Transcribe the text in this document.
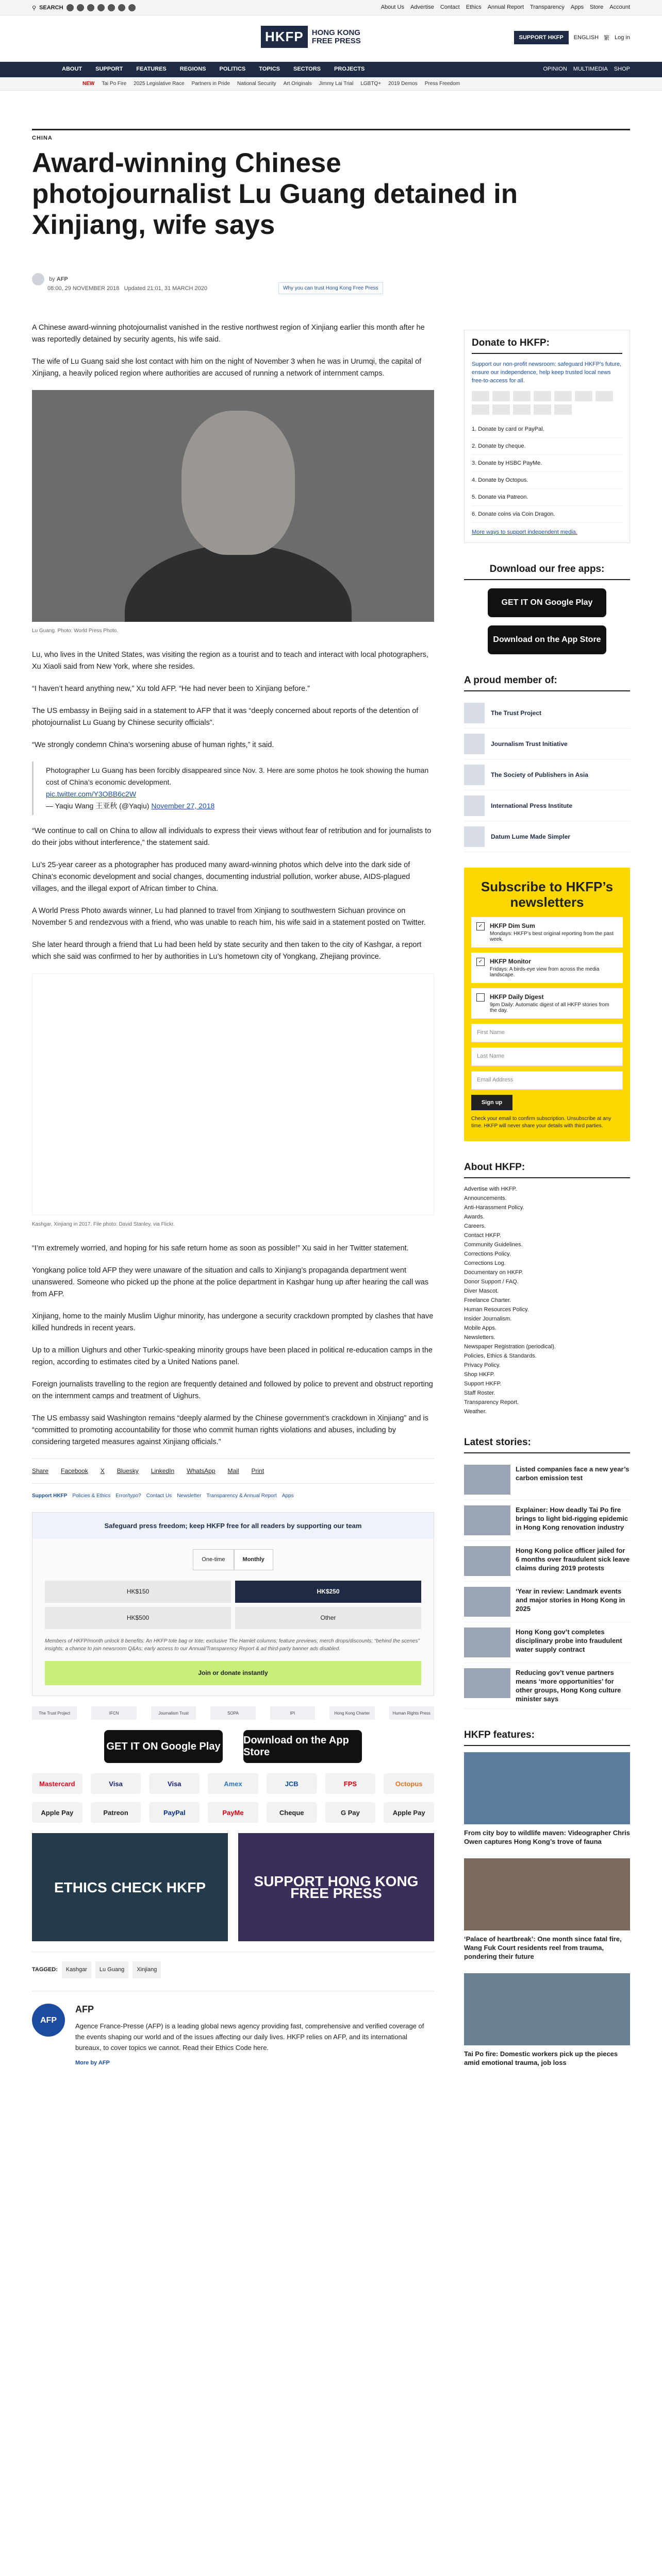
⚲ SEARCH	About Us Advertise Contact Ethics Annual Report Transparency Apps Store Account
HKFP	HONG KONG
FREE PRESS	SUPPORT HKFP	ENGLISH 繁 Log in
ABOUT SUPPORT FEATURES REGIONS POLITICS TOPICS SECTORS PROJECTS	OPINION MULTIMEDIA SHOP
NEW Tai Po Fire 2025 Legislative Race Partners in Pride National Security Art Originals Jimmy Lai Trial LGBTQ+ 2019 Demos Press Freedom
CHINA
Award-winning Chinese photojournalist Lu Guang detained in Xinjiang, wife says
by AFP
08:00, 29 NOVEMBER 2018 Updated 21:01, 31 MARCH 2020	Why you can trust Hong Kong Free Press

A Chinese award-winning photojournalist vanished in the restive northwest region of Xinjiang earlier this month after he was reportedly detained by security agents, his wife said.

The wife of Lu Guang said she lost contact with him on the night of November 3 when he was in Urumqi, the capital of Xinjiang, a heavily policed region where authorities are accused of running a network of internment camps.

Lu Guang. Photo: World Press Photo.

Lu, who lives in the United States, was visiting the region as a tourist and to teach and interact with local photographers, Xu Xiaoli said from New York, where she resides.

“I haven’t heard anything new,” Xu told AFP. “He had never been to Xinjiang before.”

The US embassy in Beijing said in a statement to AFP that it was “deeply concerned about reports of the detention of photojournalist Lu Guang by Chinese security officials”.

“We strongly condemn China’s worsening abuse of human rights,” it said.

Photographer Lu Guang has been forcibly disappeared since Nov. 3. Here are some photos he took showing the human cost of China’s economic development.
pic.twitter.com/Y3OBB6c2W
— Yaqiu Wang 王亚秋 (@Yaqiu) November 27, 2018

“We continue to call on China to allow all individuals to express their views without fear of retribution and for journalists to do their jobs without interference,” the statement said.

Lu’s 25-year career as a photographer has produced many award-winning photos which delve into the dark side of China’s economic development and social changes, documenting industrial pollution, worker abuse, AIDS-plagued villages, and the illegal export of African timber to China.

A World Press Photo awards winner, Lu had planned to travel from Xinjiang to southwestern Sichuan province on November 5 and rendezvous with a friend, who was unable to reach him, his wife said in a statement posted on Twitter.

She later heard through a friend that Lu had been held by state security and then taken to the city of Kashgar, a report which she said was confirmed to her by authorities in Lu’s hometown city of Yongkang, Zhejiang province.

Kashgar, Xinjiang in 2017. File photo: David Stanley, via Flickr.

“I’m extremely worried, and hoping for his safe return home as soon as possible!” Xu said in her Twitter statement.

Yongkang police told AFP they were unaware of the situation and calls to Xinjiang’s propaganda department went unanswered. Someone who picked up the phone at the police department in Kashgar hung up after hearing the call was from AFP.

Xinjiang, home to the mainly Muslim Uighur minority, has undergone a security crackdown prompted by clashes that have killed hundreds in recent years.

Up to a million Uighurs and other Turkic-speaking minority groups have been placed in political re-education camps in the region, according to estimates cited by a United Nations panel.

Foreign journalists travelling to the region are frequently detained and followed by police to prevent and obstruct reporting on the internment camps and treatment of Uighurs.

The US embassy said Washington remains “deeply alarmed by the Chinese government’s crackdown in Xinjiang” and is “committed to promoting accountability for those who commit human rights violations and abuses, including by considering targeted measures against Xinjiang officials.”

Share Facebook X Bluesky LinkedIn WhatsApp Mail Print
Support HKFP Policies & Ethics Error/typo? Contact Us Newsletter Transparency & Annual Report Apps
Safeguard press freedom; keep HKFP free for all readers by supporting our team
One-time	Monthly
HK$150	HK$250
HK$500	Other
Members of HKFP/month unlock 8 benefits: An HKFP tote bag or tote; exclusive The Hamlet columns; feature previews; merch drops/discounts; “behind the scenes” insights; a chance to join newsroom Q&As; early access to our Annual/Transparency Report & ad third-party banner ads disabled.
Join or donate instantly
The Trust Project	IFCN	Journalism Trust	SOPA	IPI	Hong Kong Charter	Human Rights Press
GET IT ON Google Play
Download on the App Store
Mastercard	Visa	Visa	Amex	JCB	FPS	Octopus
Apple Pay	Patreon	PayPal	PayMe	Cheque	G Pay	Apple Pay
ETHICS CHECK HKFP	SUPPORT HONG KONG FREE PRESS
TAGGED:	Kashgar	Lu Guang	Xinjiang
AFP
AFP
Agence France-Presse (AFP) is a leading global news agency providing fast, comprehensive and verified coverage of the events shaping our world and of the issues affecting our daily lives. HKFP relies on AFP, and its international bureaux, to cover topics we cannot. Read their Ethics Code here.
More by AFP
Donate to HKFP:
Support our non-profit newsroom: safeguard HKFP’s future, ensure our independence, help keep trusted local news free-to-access for all.
1. Donate by card or PayPal.
2. Donate by cheque.
3. Donate by HSBC PayMe.
4. Donate by Octopus.
5. Donate via Patreon.
6. Donate coins via Coin Dragon.
More ways to support independent media.
Download our free apps:
GET IT ON Google Play
Download on the App Store
A proud member of:
The Trust Project
Journalism Trust Initiative
The Society of Publishers in Asia
International Press Institute
Datum Lume Made Simpler
Subscribe to HKFP’s newsletters
✓	HKFP Dim Sum
Mondays: HKFP’s best original reporting from the past week.
✓	HKFP Monitor
Fridays: A birds-eye view from across the media landscape.
HKFP Daily Digest
9pm Daily: Automatic digest of all HKFP stories from the day.
First Name
Last Name
Email Address
Sign up
Check your email to confirm subscription. Unsubscribe at any time. HKFP will never share your details with third parties.
About HKFP:
Advertise with HKFP.
Announcements.
Anti-Harassment Policy.
Awards.
Careers.
Contact HKFP.
Community Guidelines.
Corrections Policy.
Corrections Log.
Documentary on HKFP.
Donor Support / FAQ.
Diver Mascot.
Freelance Charter.
Human Resources Policy.
Insider Journalism.
Mobile Apps.
Newsletters.
Newspaper Registration (periodical).
Policies, Ethics & Standards.
Privacy Policy.
Shop HKFP.
Support HKFP.
Staff Roster.
Transparency Report.
Weather.
Latest stories:
Listed companies face a new year’s carbon emission test
Explainer: How deadly Tai Po fire brings to light bid-rigging epidemic in Hong Kong renovation industry
Hong Kong police officer jailed for 6 months over fraudulent sick leave claims during 2019 protests
‘Year in review: Landmark events and major stories in Hong Kong in 2025
Hong Kong gov’t completes disciplinary probe into fraudulent water supply contract
Reducing gov’t venue partners means ‘more opportunities’ for other groups, Hong Kong culture minister says
HKFP features:
From city boy to wildlife maven: Videographer Chris Owen captures Hong Kong’s trove of fauna
‘Palace of heartbreak’: One month since fatal fire, Wang Fuk Court residents reel from trauma, pondering their future
Tai Po fire: Domestic workers pick up the pieces amid emotional trauma, job loss
